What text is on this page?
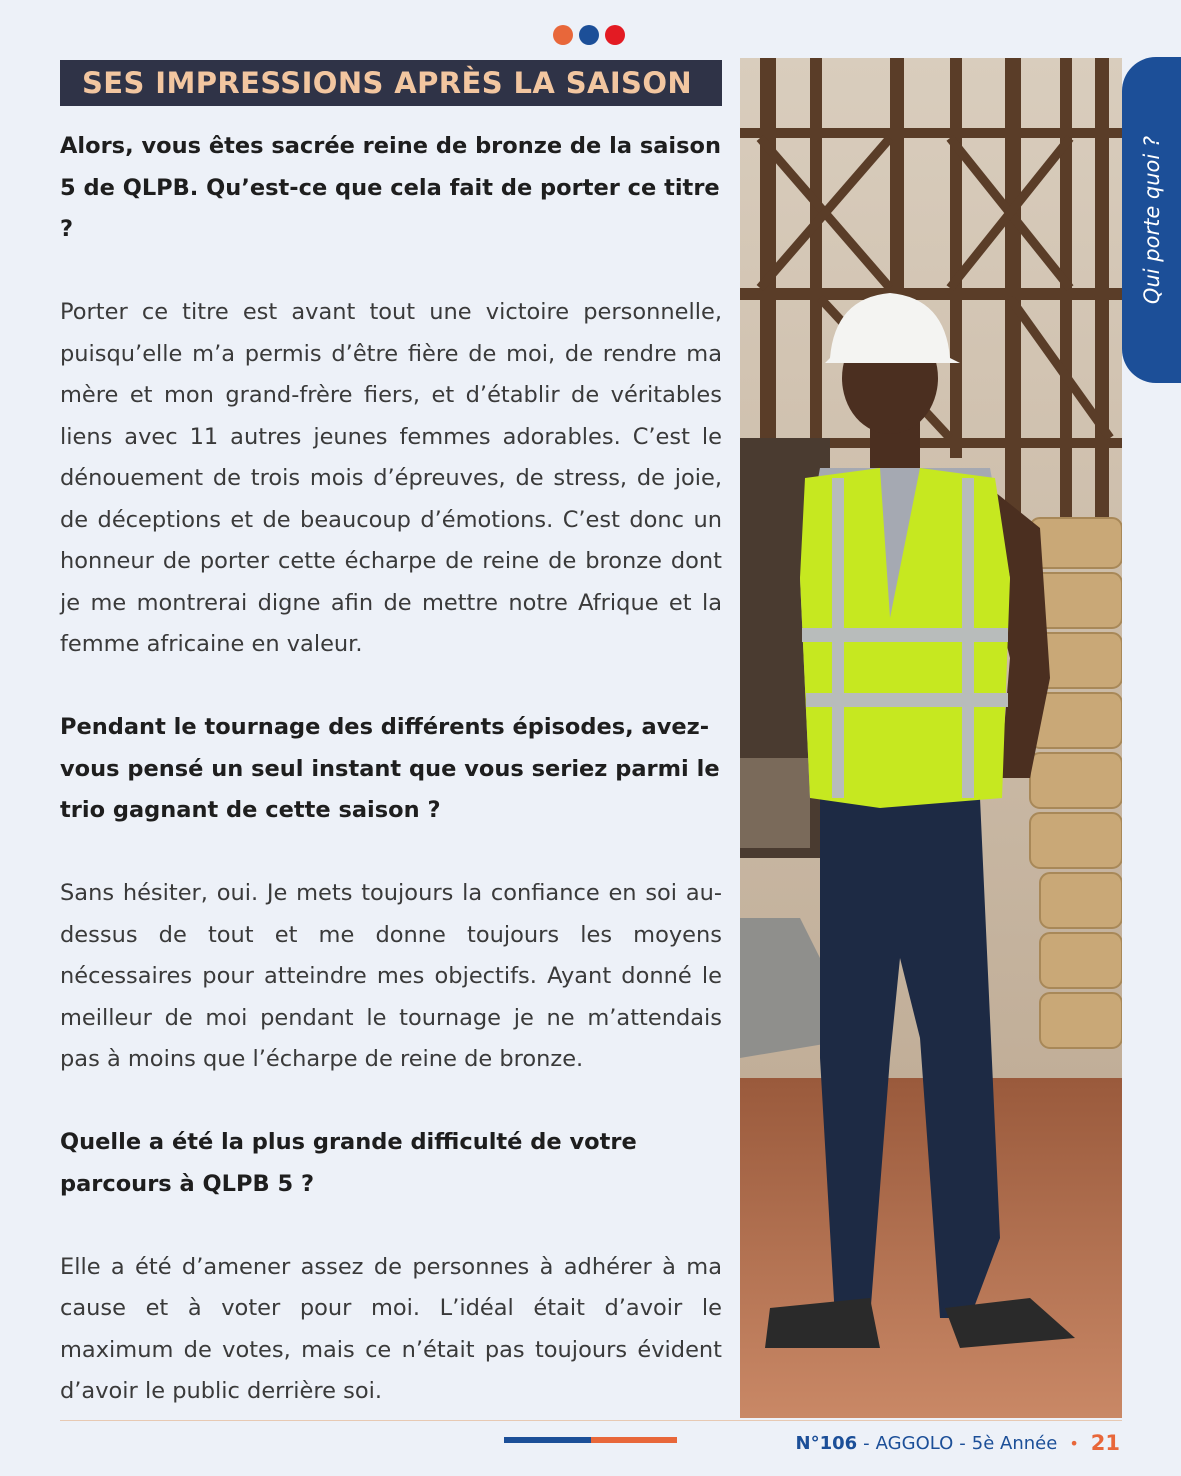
SES IMPRESSIONS APRÈS LA SAISON

Alors, vous êtes sacrée reine de bronze de la saison 5 de QLPB. Qu’est-ce que cela fait de porter ce titre ?

Porter ce titre est avant tout une victoire personnelle, puisqu’elle m’a permis d’être fière de moi, de rendre ma mère et mon grand-frère fiers, et d’établir de véritables liens avec 11 autres jeunes femmes adorables. C’est le dénouement de trois mois d’épreuves, de stress, de joie, de déceptions et de beaucoup d’émotions. C’est donc un honneur de porter cette écharpe de reine de bronze dont je me montrerai digne afin de mettre notre Afrique et la femme africaine en valeur.

Pendant le tournage des différents épisodes, avez-vous pensé un seul instant que vous seriez parmi le trio gagnant de cette saison ?

Sans hésiter, oui. Je mets toujours la confiance en soi au-dessus de tout et me donne toujours les moyens nécessaires pour atteindre mes objectifs. Ayant donné le meilleur de moi pendant le tournage je ne m’attendais pas à moins que l’écharpe de reine de bronze.

Quelle a été la plus grande difficulté de votre parcours à QLPB 5 ?

Elle a été d’amener assez de personnes à adhérer à ma cause et à voter pour moi. L’idéal était d’avoir le maximum de votes, mais ce n’était pas toujours évident d’avoir le public derrière soi.

Qui porte quoi ?
N°106 - AGGOLO - 5è Année • 21
